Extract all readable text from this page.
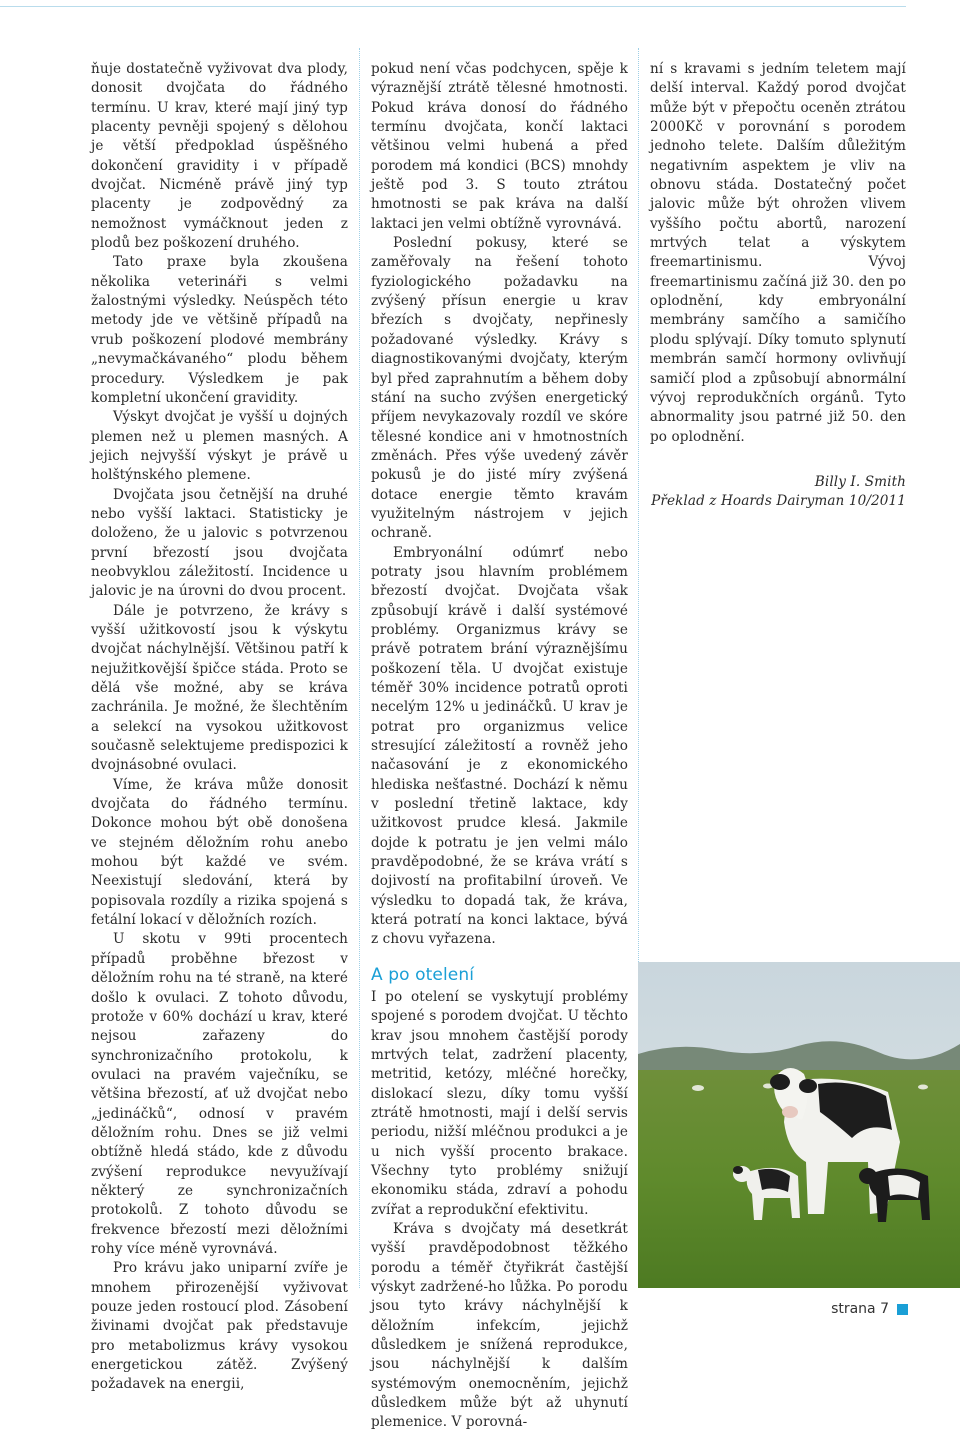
ňuje dostatečně vyživovat dva plody, donosit dvojčata do řádného termínu. U krav, které mají jiný typ placenty pevněji spojený s dělohou je větší předpoklad úspěšného dokončení gravidity i v případě dvojčat. Nicméně právě jiný typ placenty je zodpovědný za nemožnost vymáčknout jeden z plodů bez poškození druhého.

Tato praxe byla zkoušena několika veterináři s velmi žalostnými výsledky. Neúspěch této metody jde ve většině případů na vrub poškození plodové membrány „nevymačkávaného“ plodu během procedury. Výsledkem je pak kompletní ukončení gravidity.

Výskyt dvojčat je vyšší u dojných plemen než u plemen masných. A jejich nejvyšší výskyt je právě u holštýnského plemene.

Dvojčata jsou četnější na druhé nebo vyšší laktaci. Statisticky je doloženo, že u jalovic s potvrzenou první březostí jsou dvojčata neobvyklou záležitostí. Incidence u jalovic je na úrovni do dvou procent.

Dále je potvrzeno, že krávy s vyšší užitkovostí jsou k výskytu dvojčat náchylnější. Většinou patří k nejužitkovější špičce stáda. Proto se dělá vše možné, aby se kráva zachránila. Je možné, že šlechtěním a selekcí na vysokou užitkovost současně selektujeme predispozici k dvojnásobné ovulaci.

Víme, že kráva může donosit dvojčata do řádného termínu. Dokonce mohou být obě donošena ve stejném děložním rohu anebo mohou být každé ve svém. Neexistují sledování, která by popisovala rozdíly a rizika spojená s fetální lokací v děložních rozích.

U skotu v 99ti procentech případů proběhne březost v děložním rohu na té straně, na které došlo k ovulaci. Z tohoto důvodu, protože v 60% dochází u krav, které nejsou zařazeny do synchronizačního protokolu, k ovulaci na pravém vaječníku, se většina březostí, ať už dvojčat nebo „jedináčků“, odnosí v pravém děložním rohu. Dnes se již velmi obtížně hledá stádo, kde z důvodu zvýšení reprodukce nevyužívají některý ze synchronizačních protokolů. Z tohoto důvodu se frekvence březostí mezi děložními rohy více méně vyrovnává.

Pro krávu jako uniparní zvíře je mnohem přirozenější vyživovat pouze jeden rostoucí plod. Zásobení živinami dvojčat pak představuje pro metabolizmus krávy vysokou energetickou zátěž. Zvýšený požadavek na energii,

pokud není včas podchycen, spěje k výraznější ztrátě tělesné hmotnosti. Pokud kráva donosí do řádného termínu dvojčata, končí laktaci většinou velmi hubená a před porodem má kondici (BCS) mnohdy ještě pod 3. S touto ztrátou hmotnosti se pak kráva na další laktaci jen velmi obtížně vyrovnává.

Poslední pokusy, které se zaměřovaly na řešení tohoto fyziologického požadavku na zvýšený přísun energie u krav březích s dvojčaty, nepřinesly požadované výsledky. Krávy s diagnostikovanými dvojčaty, kterým byl před zaprahnutím a během doby stání na sucho zvýšen energetický příjem nevykazovaly rozdíl ve skóre tělesné kondice ani v hmotnostních změnách. Přes výše uvedený závěr pokusů je do jisté míry zvýšená dotace energie těmto kravám využitelným nástrojem v jejich ochraně.

Embryonální odúmrť nebo potraty jsou hlavním problémem březostí dvojčat. Dvojčata však způsobují krávě i další systémové problémy. Organizmus krávy se právě potratem brání výraznějšímu poškození těla. U dvojčat existuje téměř 30% incidence potratů oproti necelým 12% u jedináčků. U krav je potrat pro organizmus velice stresující záležitostí a rovněž jeho načasování je z ekonomického hlediska nešťastné. Dochází k němu v poslední třetině laktace, kdy užitkovost prudce klesá. Jakmile dojde k potratu je jen velmi málo pravděpodobné, že se kráva vrátí s dojivostí na profitabilní úroveň. Ve výsledku to dopadá tak, že kráva, která potratí na konci laktace, bývá z chovu vyřazena.

A po otelení

I po otelení se vyskytují problémy spojené s porodem dvojčat. U těchto krav jsou mnohem častější porody mrtvých telat, zadržení placenty, metritid, ketózy, mléčné horečky, dislokací slezu, díky tomu vyšší ztrátě hmotnosti, mají i delší servis periodu, nižší mléčnou produkci a je u nich vyšší procento brakace. Všechny tyto problémy snižují ekonomiku stáda, zdraví a pohodu zvířat a reprodukční efektivitu.

Kráva s dvojčaty má desetkrát vyšší pravděpodobnost těžkého porodu a téměř čtyřikrát častější výskyt zadržené-ho lůžka. Po porodu jsou tyto krávy náchylnější k děložním infekcím, jejichž důsledkem je snížená reprodukce, jsou náchylnější k dalším systémovým onemocněním, jejichž důsledkem může být až uhynutí plemenice. V porovná-

ní s kravami s jedním teletem mají delší interval. Každý porod dvojčat může být v přepočtu oceněn ztrátou 2000Kč v porovnání s porodem jednoho telete. Dalším důležitým negativním aspektem je vliv na obnovu stáda. Dostatečný počet jalovic může být ohrožen vlivem vyššího počtu abortů, narození mrtvých telat a výskytem freemartinismu. Vývoj freemartinismu začíná již 30. den po oplodnění, kdy embryonální membrány samčího a samičího plodu splývají. Díky tomuto splynutí membrán samčí hormony ovlivňují samičí plod a způsobují abnormální vývoj reprodukčních orgánů. Tyto abnormality jsou patrné již 50. den po oplodnění.

Billy I. Smith
Překlad z Hoards Dairyman 10/2011
strana 7
